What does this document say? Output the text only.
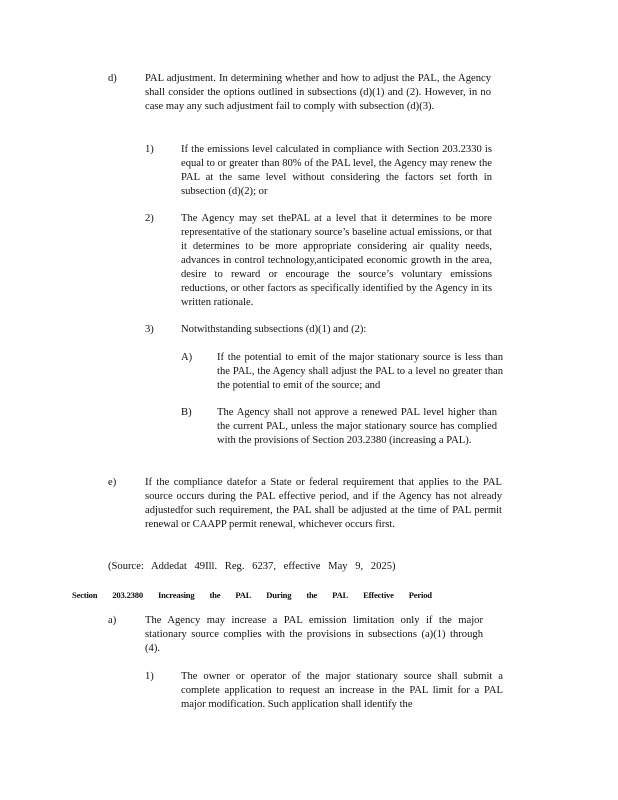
d)	PAL adjustment. In determining whether and how to adjust the PAL, the Agency shall consider the options outlined in subsections (d)(1) and (2). However, in no case may any such adjustment fail to comply with subsection (d)(3).

1)	If the emissions level calculated in compliance with Section 203.2330 is equal to or greater than 80% of the PAL level, the Agency may renew the PAL at the same level without considering the factors set forth in subsection (d)(2); or

2)	The Agency may set thePAL at a level that it determines to be more representative of the stationary source’s baseline actual emissions, or that it determines to be more appropriate considering air quality needs, advances in control technology,anticipated economic growth in the area, desire to reward or encourage the source’s voluntary emissions reductions, or other factors as specifically identified by the Agency in its written rationale.

3)	Notwithstanding subsections (d)(1) and (2):

A) If the potential to emit of the major stationary source is less than the PAL, the Agency shall adjust the PAL to a level no greater than the potential to emit of the source; and

B) The Agency shall not approve a renewed PAL level higher than the current PAL, unless the major stationary source has complied with the provisions of Section 203.2380 (increasing a PAL).

e)	If the compliance datefor a State or federal requirement that applies to the PAL source occurs during the PAL effective period, and if the Agency has not already adjustedfor such requirement, the PAL shall be adjusted at the time of PAL permit renewal or CAAPP permit renewal, whichever occurs first.

(Source: Addedat 49Ill. Reg. 6237, effective May 9, 2025)
Section 203.2380 Increasing the PAL During the PAL Effective Period
a)	The Agency may increase a PAL emission limitation only if the major stationary source complies with the provisions in subsections (a)(1) through (4).

1)	The owner or operator of the major stationary source shall submit a complete application to request an increase in the PAL limit for a PAL major modification. Such application shall identify the
